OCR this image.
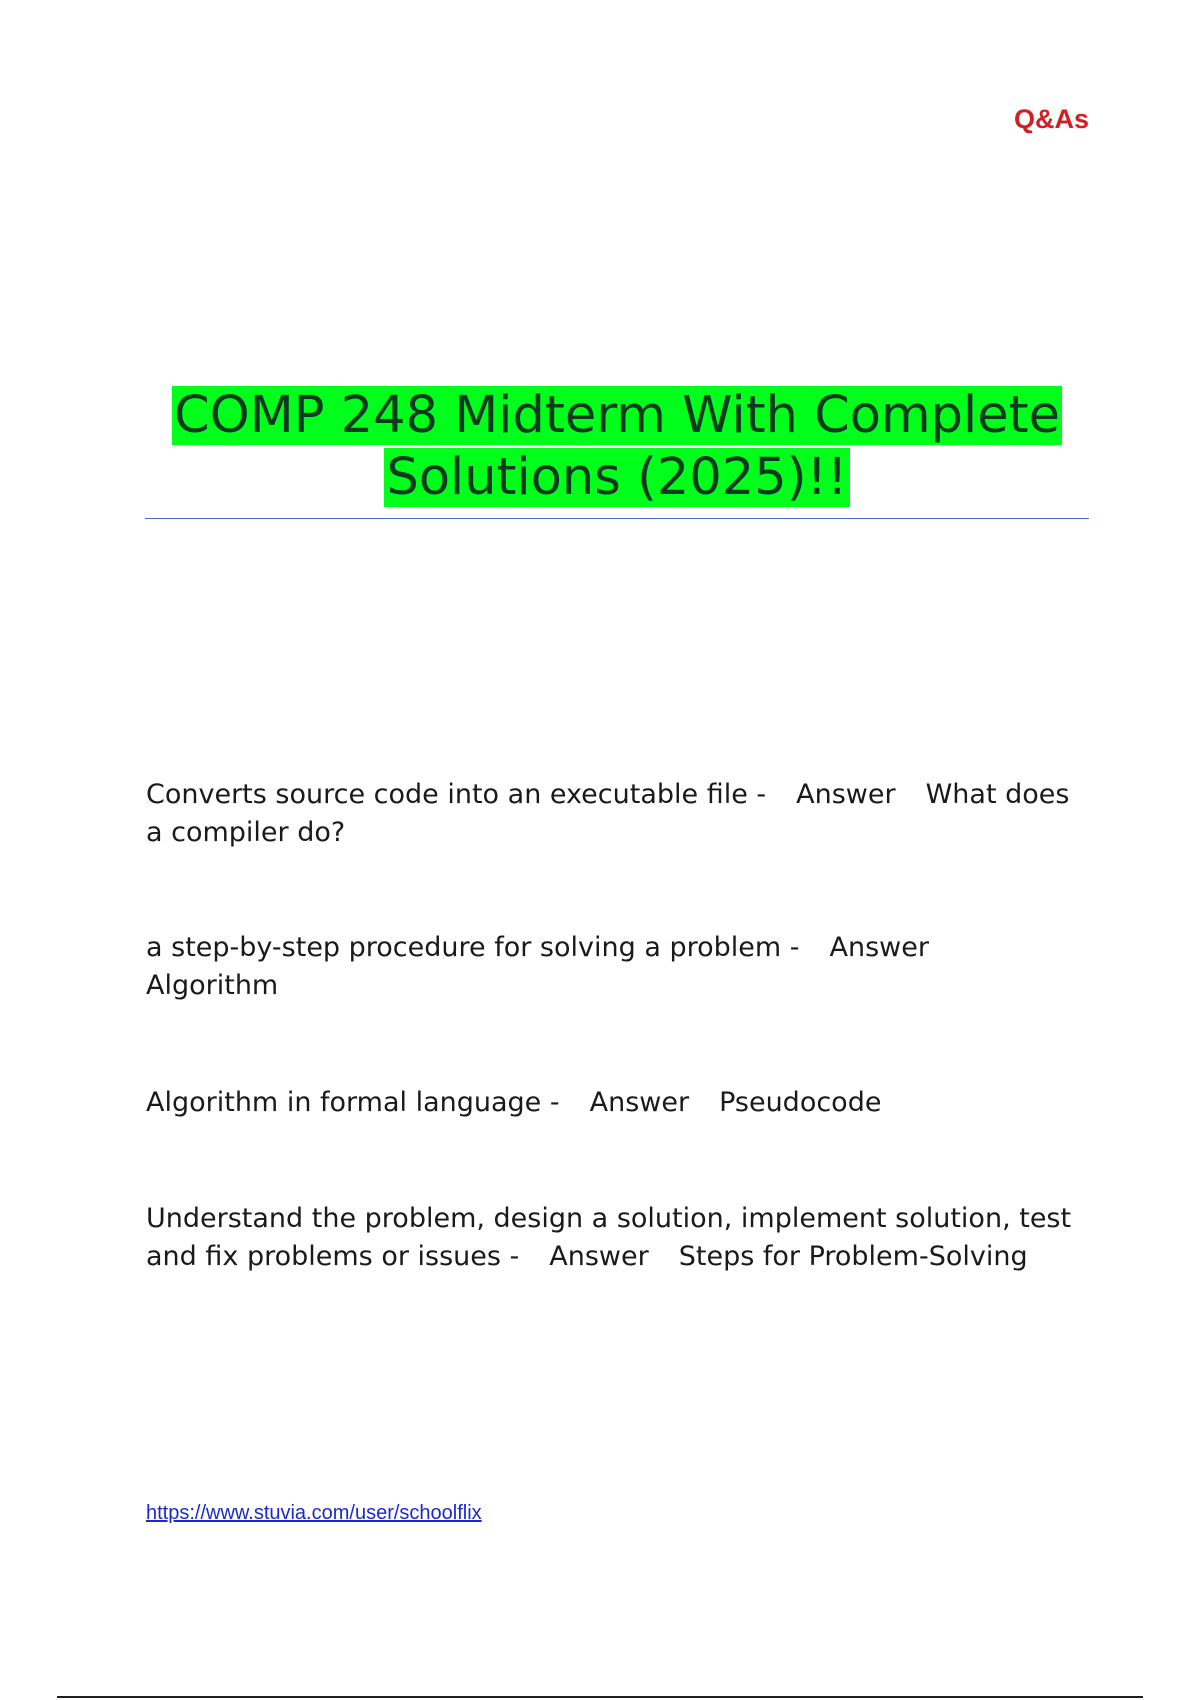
Q&As
COMP 248 Midterm With Complete
Solutions (2025)!!
Converts source code into an executable file - Answer What does a compiler do?
a step-by-step procedure for solving a problem - AnswerAlgorithm
Algorithm in formal language - Answer Pseudocode
Understand the problem, design a solution, implement solution, test and fix problems or issues - Answer Steps for Problem-Solving
https://www.stuvia.com/user/schoolflix
